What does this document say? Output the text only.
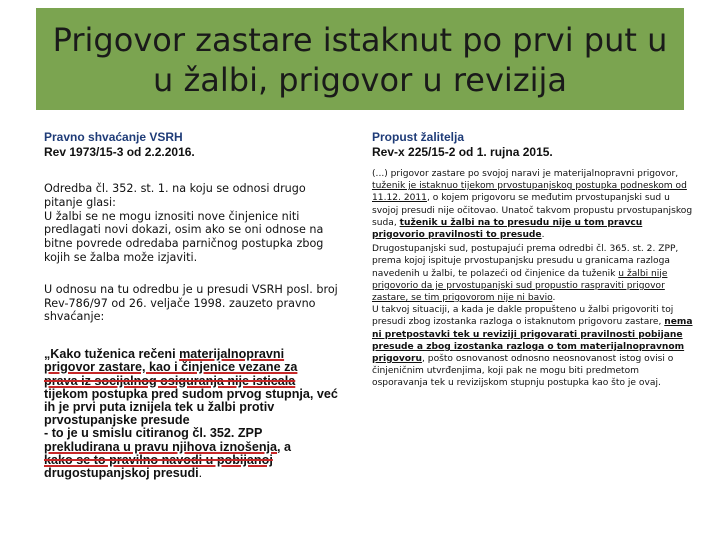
Prigovor zastare istaknut po prvi put u
u žalbi, prigovor u revizija
Pravno shvaćanje VSRH
Rev 1973/15-3 od 2.2.2016.

Odredba čl. 352. st. 1. na koju se odnosi drugo
pitanje glasi:
U žalbi se ne mogu iznositi nove činjenice niti predlagati novi dokazi, osim ako se oni odnose na bitne povrede odredaba parničnog postupka zbog kojih se žalba može izjaviti.

U odnosu na tu odredbu je u presudi VSRH posl. broj Rev-786/97 od 26. veljače 1998. zauzeto pravno shvaćanje:

„Kako tuženica rečeni materijalnopravni
prigovor zastare, kao i činjenice vezane za
prava iz socijalnog osiguranja nije isticala
tijekom postupka pred sudom prvog stupnja, već ih je prvi puta iznijela tek u žalbi protiv prvostupanjske presude
- to je u smislu citiranog čl. 352. ZPP
prekludirana u pravu njihova iznošenja, a
kako se to pravilno navodi u pobijanoj
drugostupanjskoj presudi.

Propust žalitelja
Rev-x 225/15-2 od 1. rujna 2015.

(...) prigovor zastare po svojoj naravi je materijalnopravni prigovor, tuženik je istaknuo tijekom prvostupanjskog postupka podneskom od 11.12. 2011, o kojem prigovoru se međutim prvostupanjski sud u svojoj presudi nije očitovao. Unatoč takvom propustu prvostupanjskog suda, tuženik u žalbi na to presudu nije u tom pravcu prigovorio pravilnosti to presude.

Drugostupanjski sud, postupajući prema odredbi čl. 365. st. 2. ZPP, prema kojoj ispituje prvostupanjsku presudu u granicama razloga navedenih u žalbi, te polazeći od činjenice da tuženik u žalbi nije prigovorio da je prvostupanjski sud propustio raspraviti prigovor zastare, se tim prigovorom nije ni bavio.

U takvoj situaciji, a kada je dakle propušteno u žalbi prigovoriti toj presudi zbog izostanka razloga o istaknutom prigovoru zastare, nema ni pretpostavki tek u reviziji prigovarati pravilnosti pobijane presude a zbog izostanka razloga o tom materijalnopravnom prigovoru, pošto osnovanost odnosno neosnovanost istog ovisi o činjeničnim utvrđenjima, koji pak ne mogu biti predmetom osporavanja tek u revizijskom stupnju postupka kao što je ovaj.
